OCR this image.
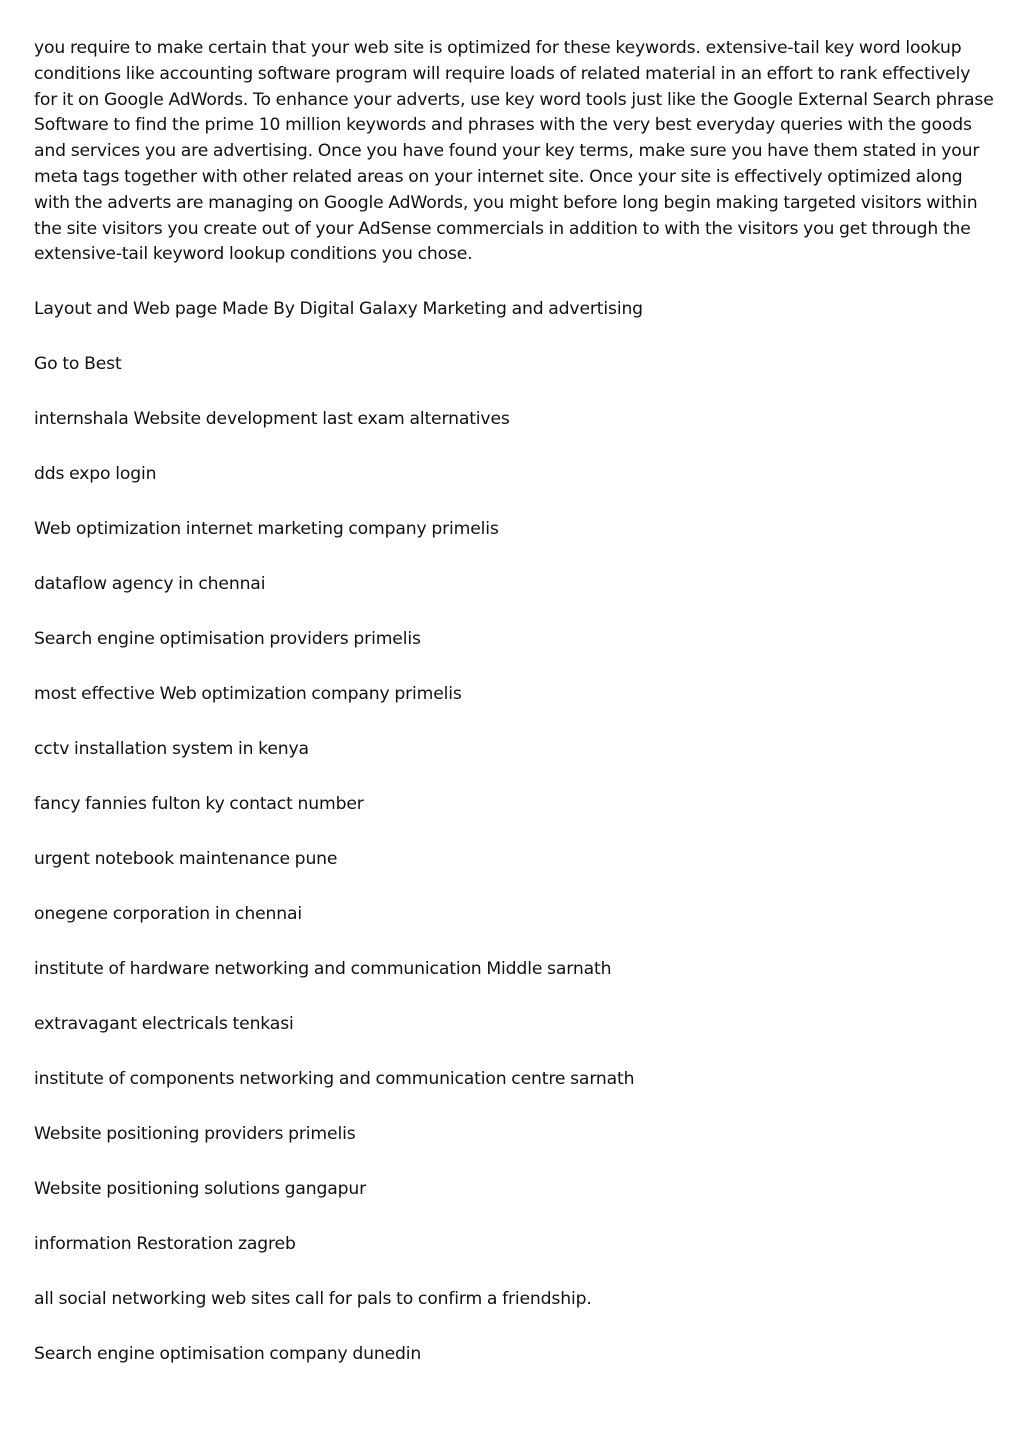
you require to make certain that your web site is optimized for these keywords. extensive-tail key word lookup conditions like accounting software program will require loads of related material in an effort to rank effectively for it on Google AdWords. To enhance your adverts, use key word tools just like the Google External Search phrase Software to find the prime 10 million keywords and phrases with the very best everyday queries with the goods and services you are advertising. Once you have found your key terms, make sure you have them stated in your meta tags together with other related areas on your internet site. Once your site is effectively optimized along with the adverts are managing on Google AdWords, you might before long begin making targeted visitors within the site visitors you create out of your AdSense commercials in addition to with the visitors you get through the extensive-tail keyword lookup conditions you chose.

Layout and Web page Made By Digital Galaxy Marketing and advertising
Go to Best
internshala Website development last exam alternatives
dds expo login
Web optimization internet marketing company primelis
dataflow agency in chennai
Search engine optimisation providers primelis
most effective Web optimization company primelis
cctv installation system in kenya
fancy fannies fulton ky contact number
urgent notebook maintenance pune
onegene corporation in chennai
institute of hardware networking and communication Middle sarnath
extravagant electricals tenkasi
institute of components networking and communication centre sarnath
Website positioning providers primelis
Website positioning solutions gangapur
information Restoration zagreb
all social networking web sites call for pals to confirm a friendship.
Search engine optimisation company dunedin
